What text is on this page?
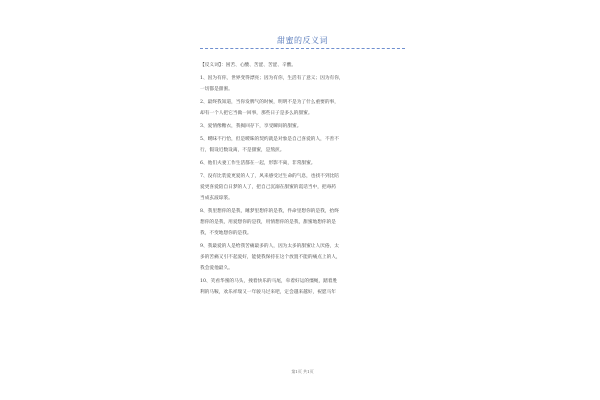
甜蜜的反义词
【反义词】：困苦、心酸、苦涩、苦涩、辛酸。
1、因为有你，世界变得漂亮；因为有你，生活有了意义；因为有你，
一切都是甜蜜。
2、最终我知道，当你发脾气的时候，明明不是为了什么重要的事，
却有一个人把它当做一回事，那些日子是多么的甜蜜。
3、爱情像糖衣，我揭回存下，享受瞬间的甜蜜。
5、暧昧不行恰，但是暧昧的契约就是对象是自己喜爱的人，不善不
行，假设近数设离，不是甜蜜，是熬煎。
6、他们夫妻工作生活都在一起，形影不离，非常甜蜜。
7、没有比装爱更爱的人了，风来感受过生命的气息，也找不到比陪
爱更喜爱陪自日梦的人了，把自己沉溺在甜蜜的谎话当中，把毒药
当成玄波琼浆。
8、我里想你的是我，睡梦里想你的是我，件命里想你的是我，抬终
想你的是我，用爱想你的是我，用情想你的是我，甜蜜地想你的是
我，不变地想你的是我。
9、我最爱的人是给我苦痛最多的人，因为太多的甜蜜让人厌倦，太
多的苦痛又引不起爱好，能使我保持在这个放置不能的痛点上的人，
我会爱他最久。
10、笑看华蜜的马头，拽着快乐的马尾，牵着好运的缰绳，踏着胜
利的马鞍，欢乐祥瑞又一年骏马过来吧，定会越来越好，祝愿马年
第1页 共1页
